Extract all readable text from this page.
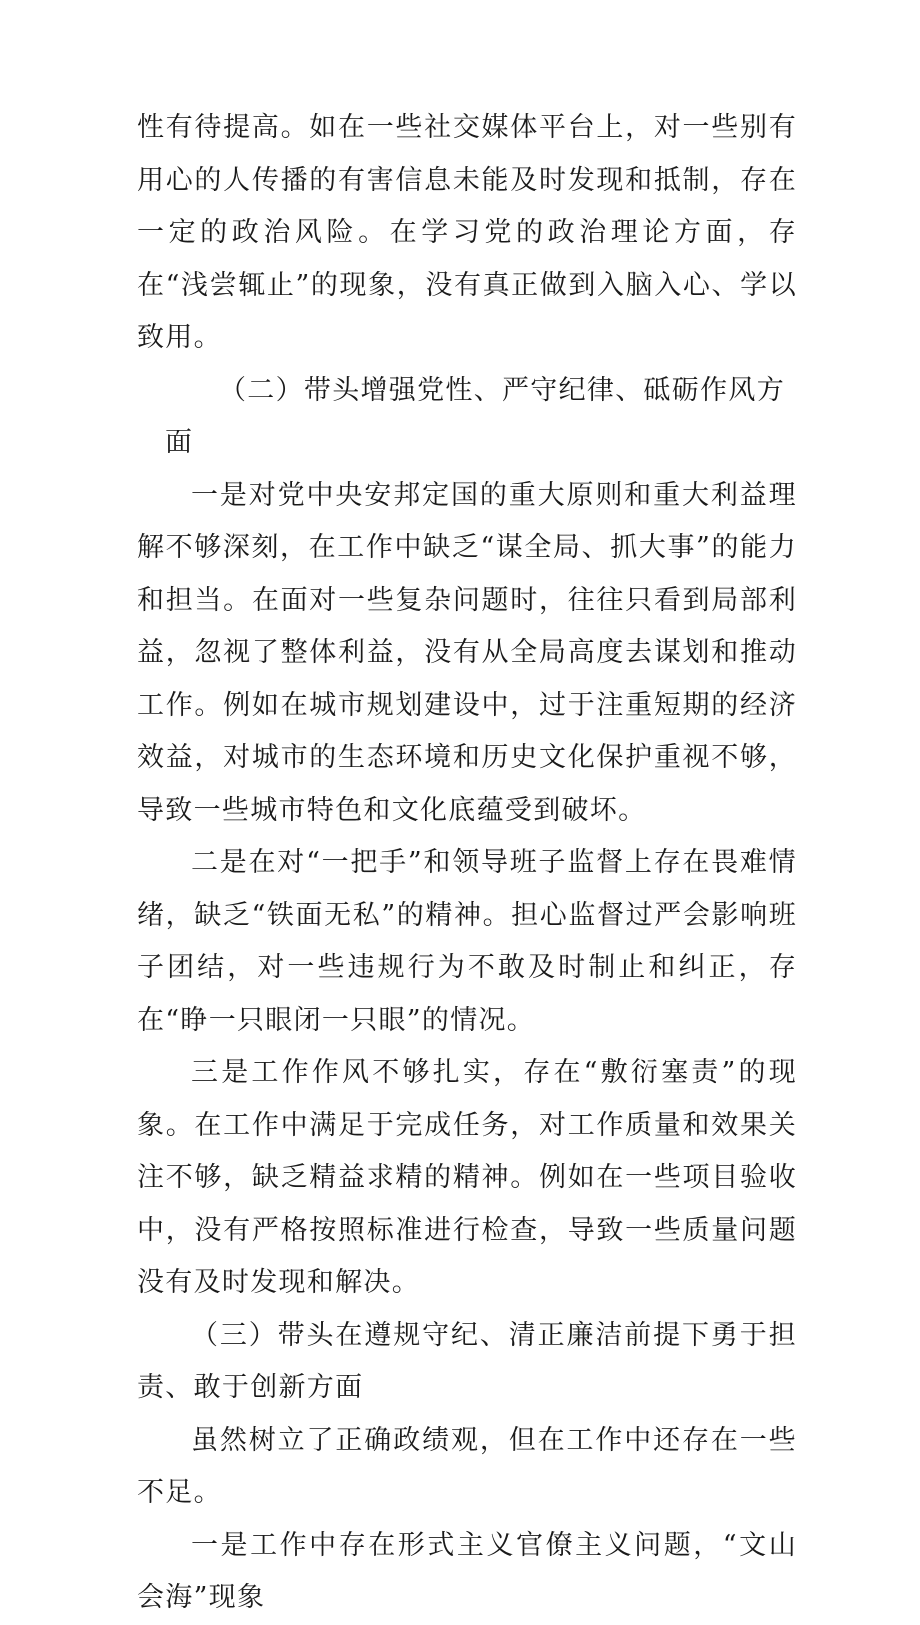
性有待提高。如在一些社交媒体平台上，对一些别有用心的人传播的有害信息未能及时发现和抵制，存在一定的政治风险。在学习党的政治理论方面，存在“浅尝辄止”的现象，没有真正做到入脑入心、学以致用。

（二）带头增强党性、严守纪律、砥砺作风方面

一是对党中央安邦定国的重大原则和重大利益理解不够深刻，在工作中缺乏“谋全局、抓大事”的能力和担当。在面对一些复杂问题时，往往只看到局部利益，忽视了整体利益，没有从全局高度去谋划和推动工作。例如在城市规划建设中，过于注重短期的经济效益，对城市的生态环境和历史文化保护重视不够，导致一些城市特色和文化底蕴受到破坏。

二是在对“一把手”和领导班子监督上存在畏难情绪，缺乏“铁面无私”的精神。担心监督过严会影响班子团结，对一些违规行为不敢及时制止和纠正，存在“睁一只眼闭一只眼”的情况。

三是工作作风不够扎实，存在“敷衍塞责”的现象。在工作中满足于完成任务，对工作质量和效果关注不够，缺乏精益求精的精神。例如在一些项目验收中，没有严格按照标准进行检查，导致一些质量问题没有及时发现和解决。

（三）带头在遵规守纪、清正廉洁前提下勇于担责、敢于创新方面

虽然树立了正确政绩观，但在工作中还存在一些不足。

一是工作中存在形式主义官僚主义问题，“文山会海”现象
